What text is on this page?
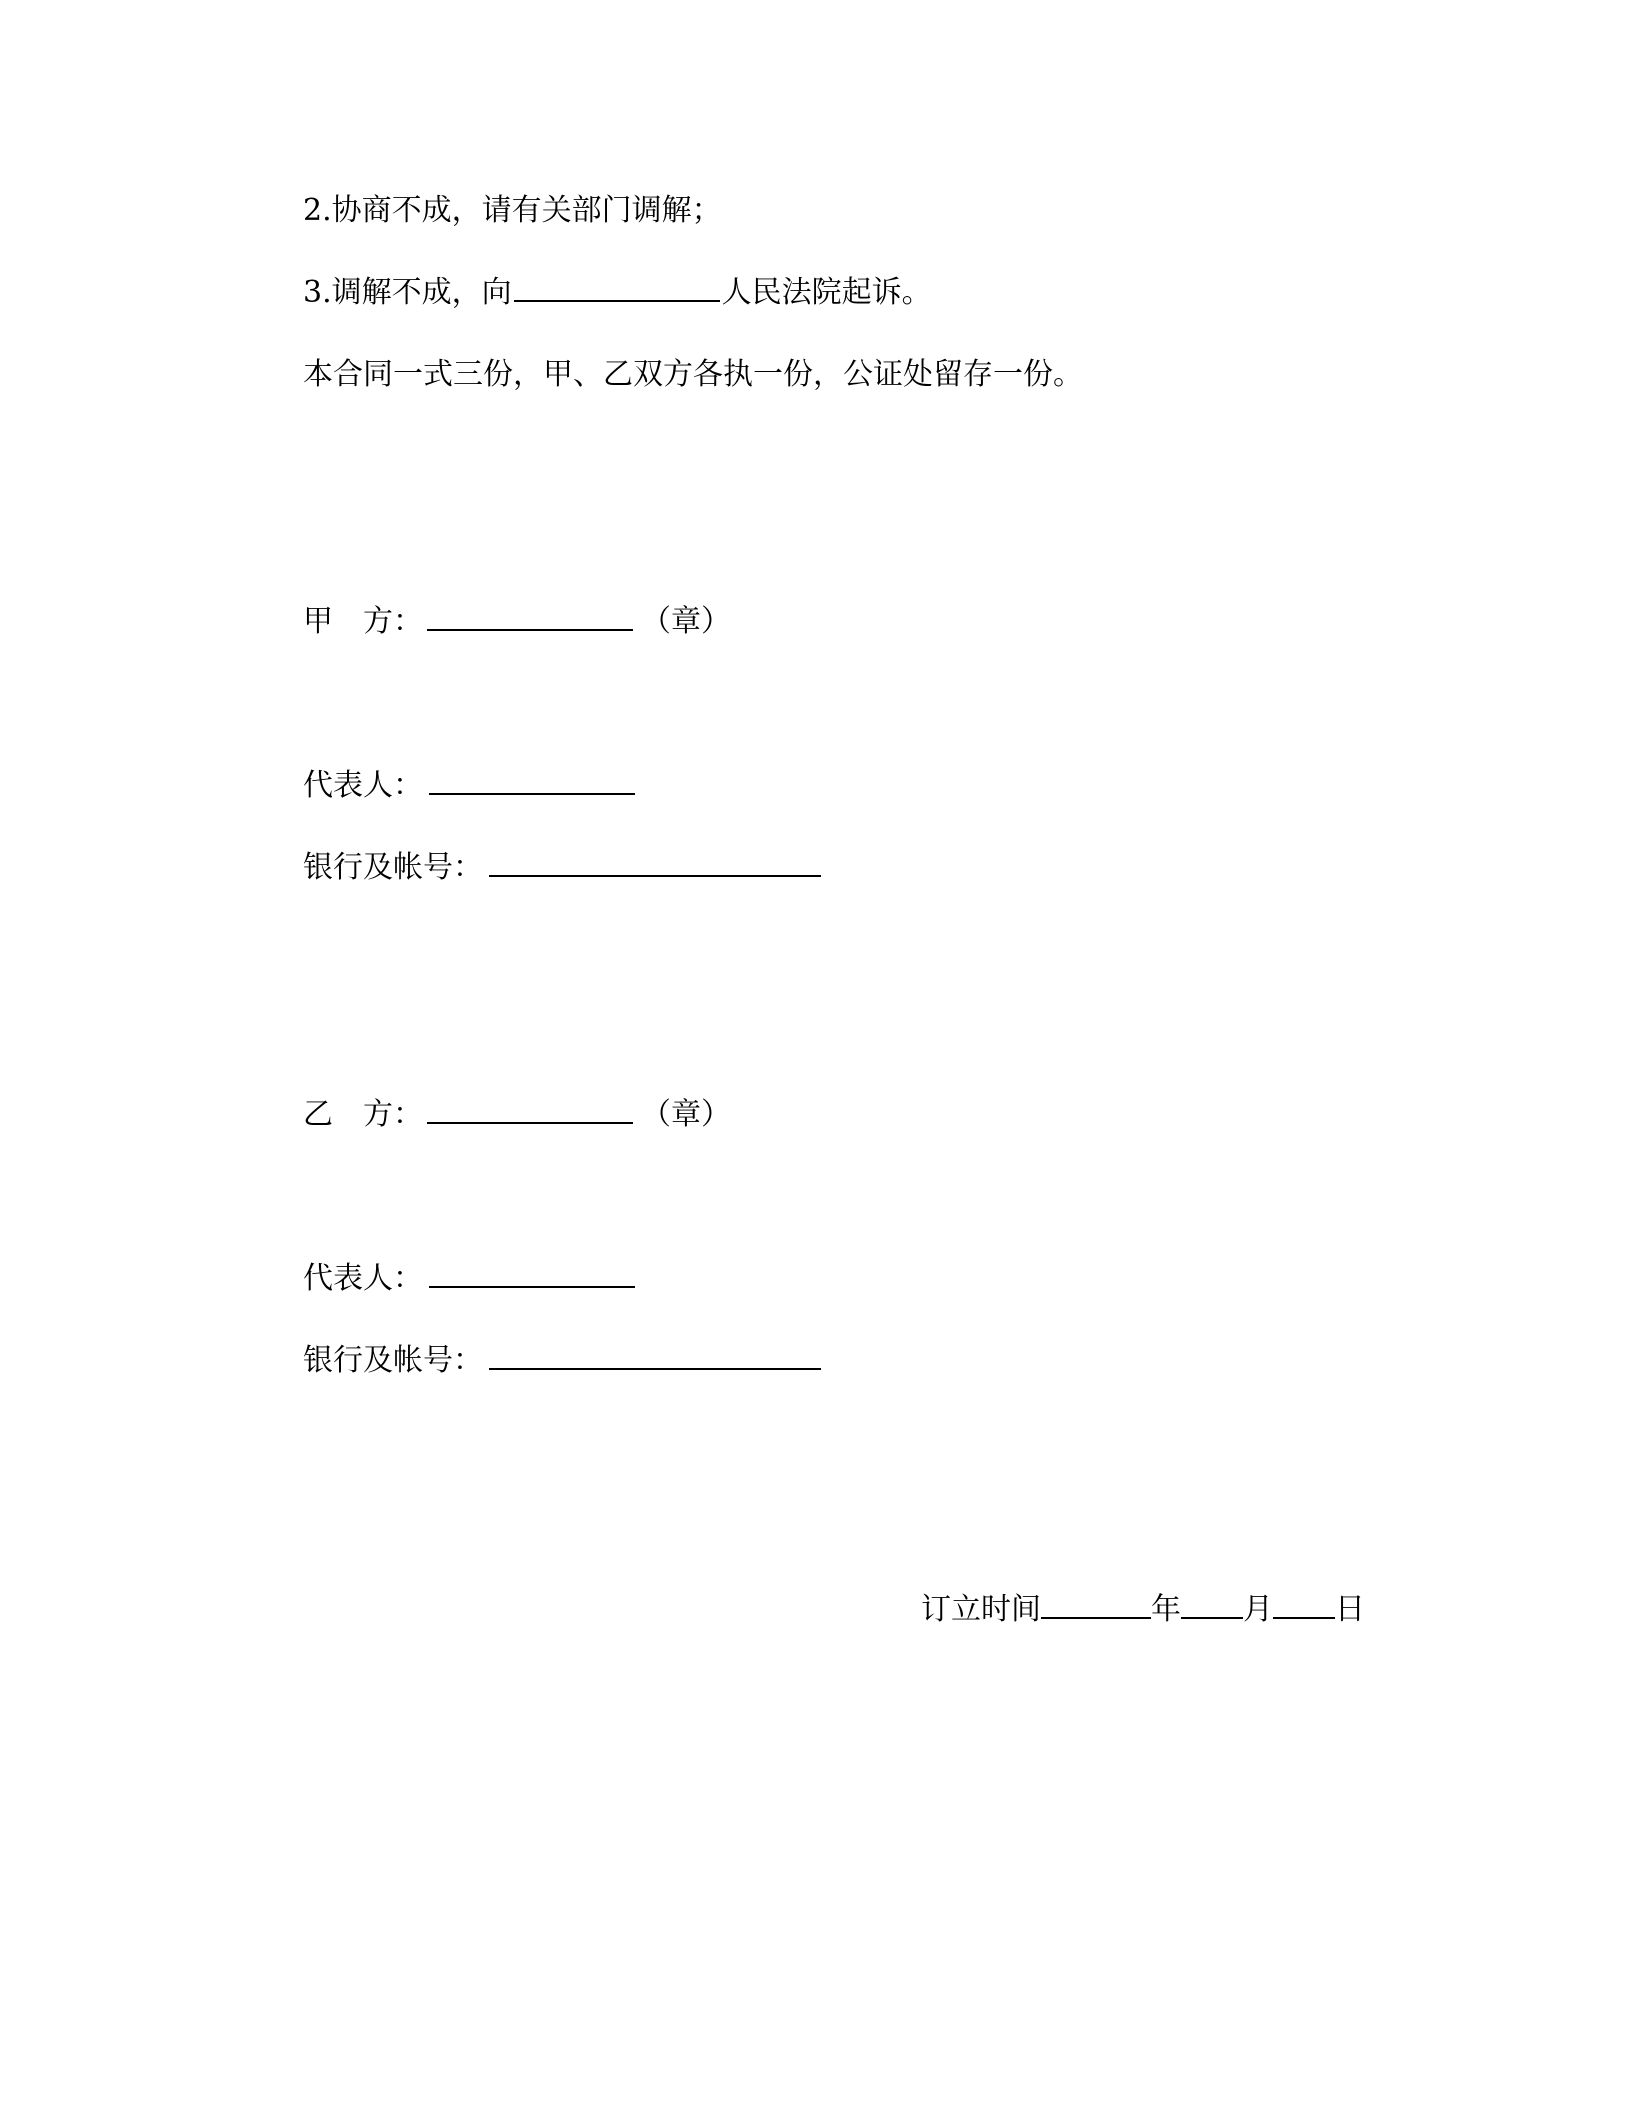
2.协商不成，请有关部门调解；
3.调解不成，向	人民法院起诉。
本合同一式三份，甲、乙双方各执一份，公证处留存一份。
甲 方：	（章）
代表人：
银行及帐号：
乙 方：	（章）
代表人：
银行及帐号：
订立时间	年 月 日
